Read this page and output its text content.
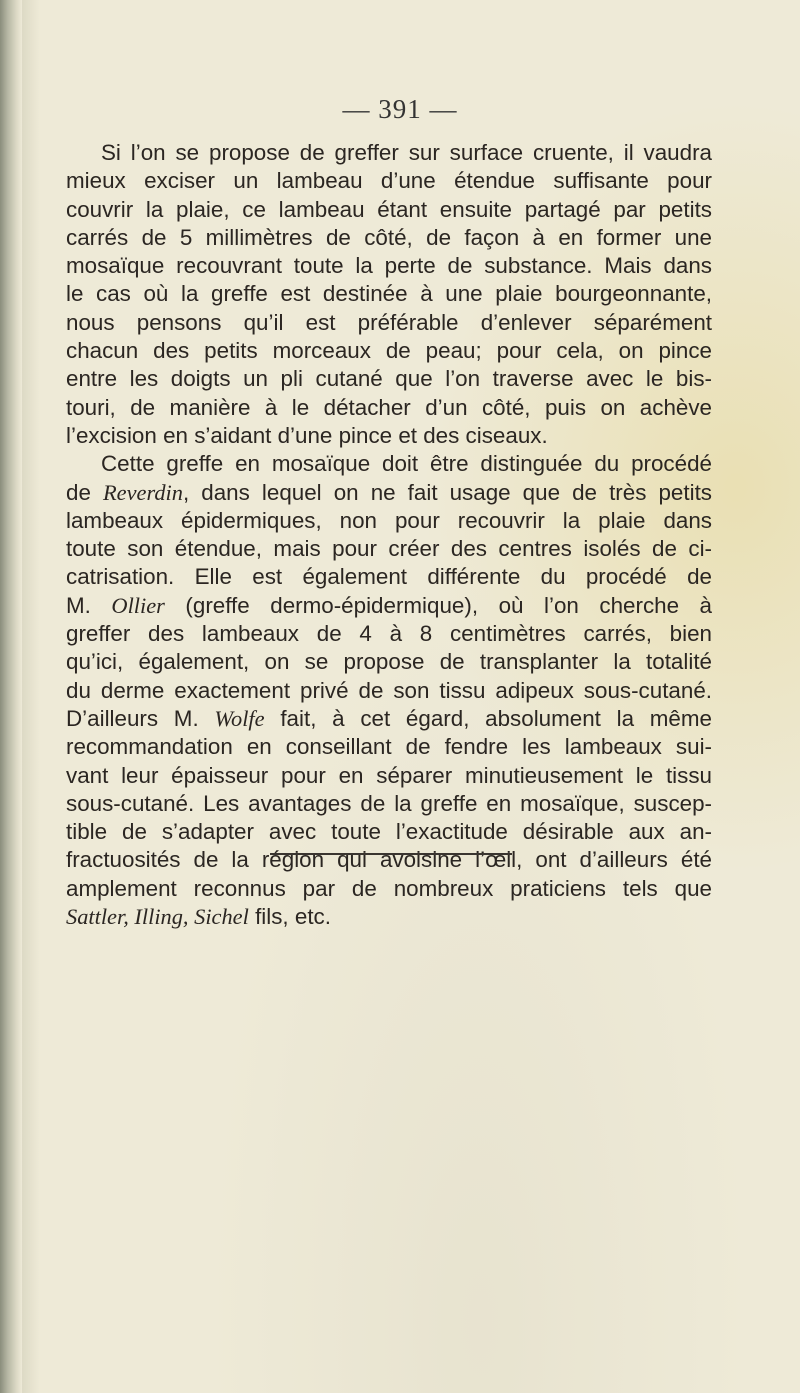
— 391 —
Si l’on se propose de greffer sur surface cruente, il vaudra
mieux exciser un lambeau d’une étendue suffisante pour
couvrir la plaie, ce lambeau étant ensuite partagé par petits
carrés de 5 millimètres de côté, de façon à en former une
mosaïque recouvrant toute la perte de substance. Mais dans
le cas où la greffe est destinée à une plaie bourgeonnante,
nous pensons qu’il est préférable d’enlever séparément
chacun des petits morceaux de peau; pour cela, on pince
entre les doigts un pli cutané que l’on traverse avec le bis-
touri, de manière à le détacher d’un côté, puis on achève
l’excision en s’aidant d’une pince et des ciseaux.
Cette greffe en mosaïque doit être distinguée du procédé
de Reverdin, dans lequel on ne fait usage que de très petits
lambeaux épidermiques, non pour recouvrir la plaie dans
toute son étendue, mais pour créer des centres isolés de ci-
catrisation. Elle est également différente du procédé de
M. Ollier (greffe dermo-épidermique), où l’on cherche à
greffer des lambeaux de 4 à 8 centimètres carrés, bien
qu’ici, également, on se propose de transplanter la totalité
du derme exactement privé de son tissu adipeux sous-cutané.
D’ailleurs M. Wolfe fait, à cet égard, absolument la même
recommandation en conseillant de fendre les lambeaux sui-
vant leur épaisseur pour en séparer minutieusement le tissu
sous-cutané. Les avantages de la greffe en mosaïque, suscep-
tible de s’adapter avec toute l’exactitude désirable aux an-
fractuosités de la région qui avoisine l’œil, ont d’ailleurs été
amplement reconnus par de nombreux praticiens tels que
Sattler, Illing, Sichel fils, etc.
